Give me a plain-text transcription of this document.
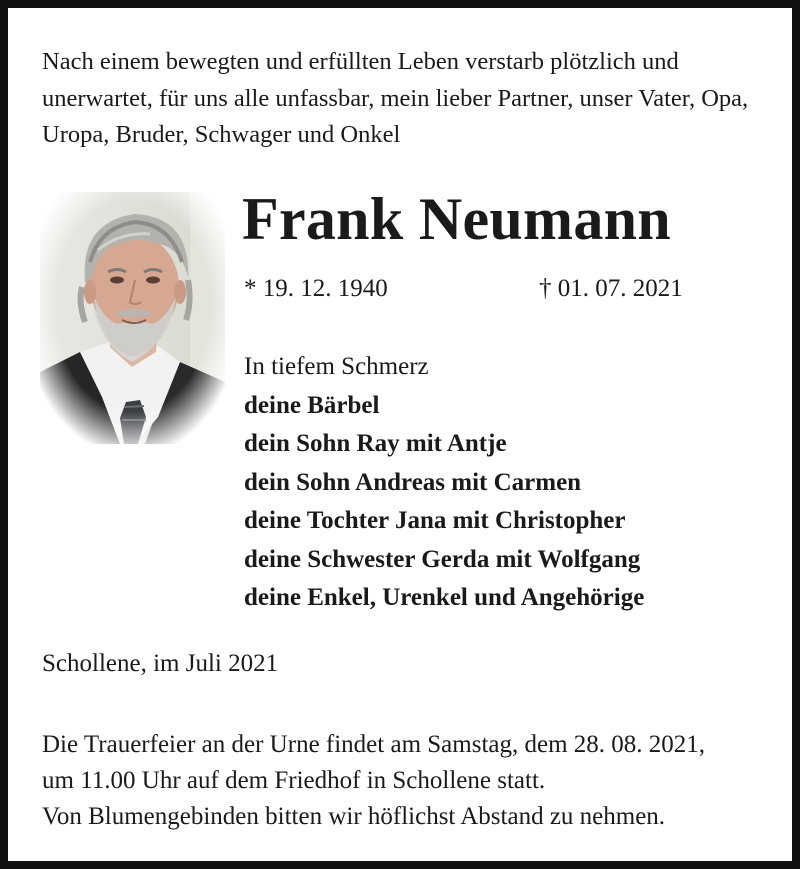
Nach einem bewegten und erfüllten Leben verstarb plötzlich und unerwartet, für uns alle unfassbar, mein lieber Partner, unser Vater, Opa, Uropa, Bruder, Schwager und Onkel
Frank Neumann
* 19. 12. 1940	† 01. 07. 2021
In tiefem Schmerz
deine Bärbel
dein Sohn Ray mit Antje
dein Sohn Andreas mit Carmen
deine Tochter Jana mit Christopher
deine Schwester Gerda mit Wolfgang
deine Enkel, Urenkel und Angehörige
Schollene, im Juli 2021
Die Trauerfeier an der Urne findet am Samstag, dem 28. 08. 2021,
um 11.00 Uhr auf dem Friedhof in Schollene statt.
Von Blumengebinden bitten wir höflichst Abstand zu nehmen.
